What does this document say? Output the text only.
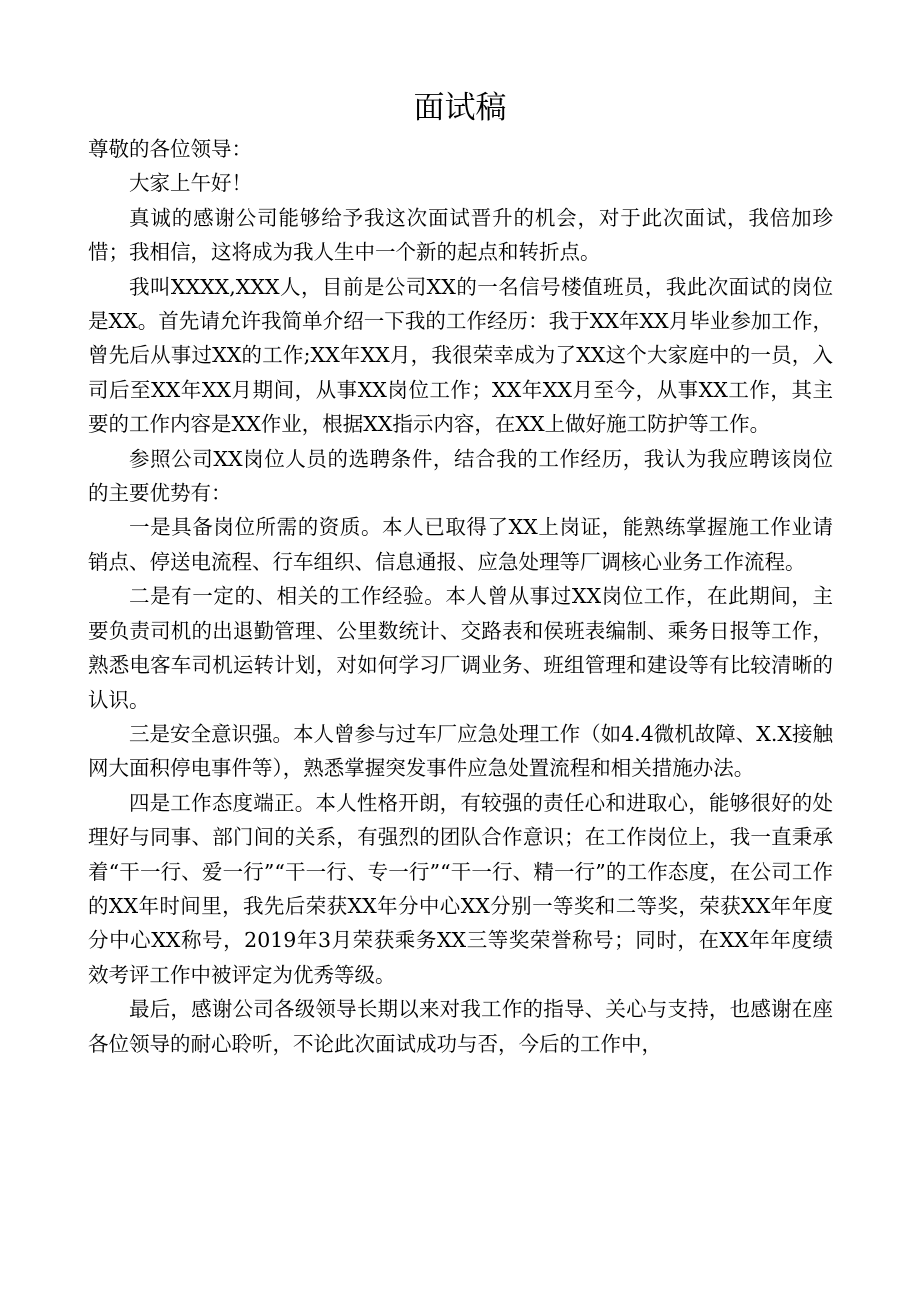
面试稿

尊敬的各位领导：

大家上午好！

真诚的感谢公司能够给予我这次面试晋升的机会，对于此次面试，我倍加珍惜；我相信，这将成为我人生中一个新的起点和转折点。

我叫XXXX,XXX人，目前是公司XX的一名信号楼值班员，我此次面试的岗位是XX。首先请允许我简单介绍一下我的工作经历：我于XX年XX月毕业参加工作，曾先后从事过XX的工作;XX年XX月，我很荣幸成为了XX这个大家庭中的一员，入司后至XX年XX月期间，从事XX岗位工作；XX年XX月至今，从事XX工作，其主要的工作内容是XX作业，根据XX指示内容，在XX上做好施工防护等工作。

参照公司XX岗位人员的选聘条件，结合我的工作经历，我认为我应聘该岗位的主要优势有：

一是具备岗位所需的资质。本人已取得了XX上岗证，能熟练掌握施工作业请销点、停送电流程、行车组织、信息通报、应急处理等厂调核心业务工作流程。

二是有一定的、相关的工作经验。本人曾从事过XX岗位工作，在此期间，主要负责司机的出退勤管理、公里数统计、交路表和侯班表编制、乘务日报等工作，熟悉电客车司机运转计划，对如何学习厂调业务、班组管理和建设等有比较清晰的认识。

三是安全意识强。本人曾参与过车厂应急处理工作（如4.4微机故障、X.X接触网大面积停电事件等），熟悉掌握突发事件应急处置流程和相关措施办法。

四是工作态度端正。本人性格开朗，有较强的责任心和进取心，能够很好的处理好与同事、部门间的关系，有强烈的团队合作意识；在工作岗位上，我一直秉承着“干一行、爱一行”“干一行、专一行”“干一行、精一行”的工作态度，在公司工作的XX年时间里，我先后荣获XX年分中心XX分别一等奖和二等奖，荣获XX年年度分中心XX称号，2019年3月荣获乘务XX三等奖荣誉称号；同时，在XX年年度绩效考评工作中被评定为优秀等级。

最后，感谢公司各级领导长期以来对我工作的指导、关心与支持，也感谢在座各位领导的耐心聆听，不论此次面试成功与否，今后的工作中，
